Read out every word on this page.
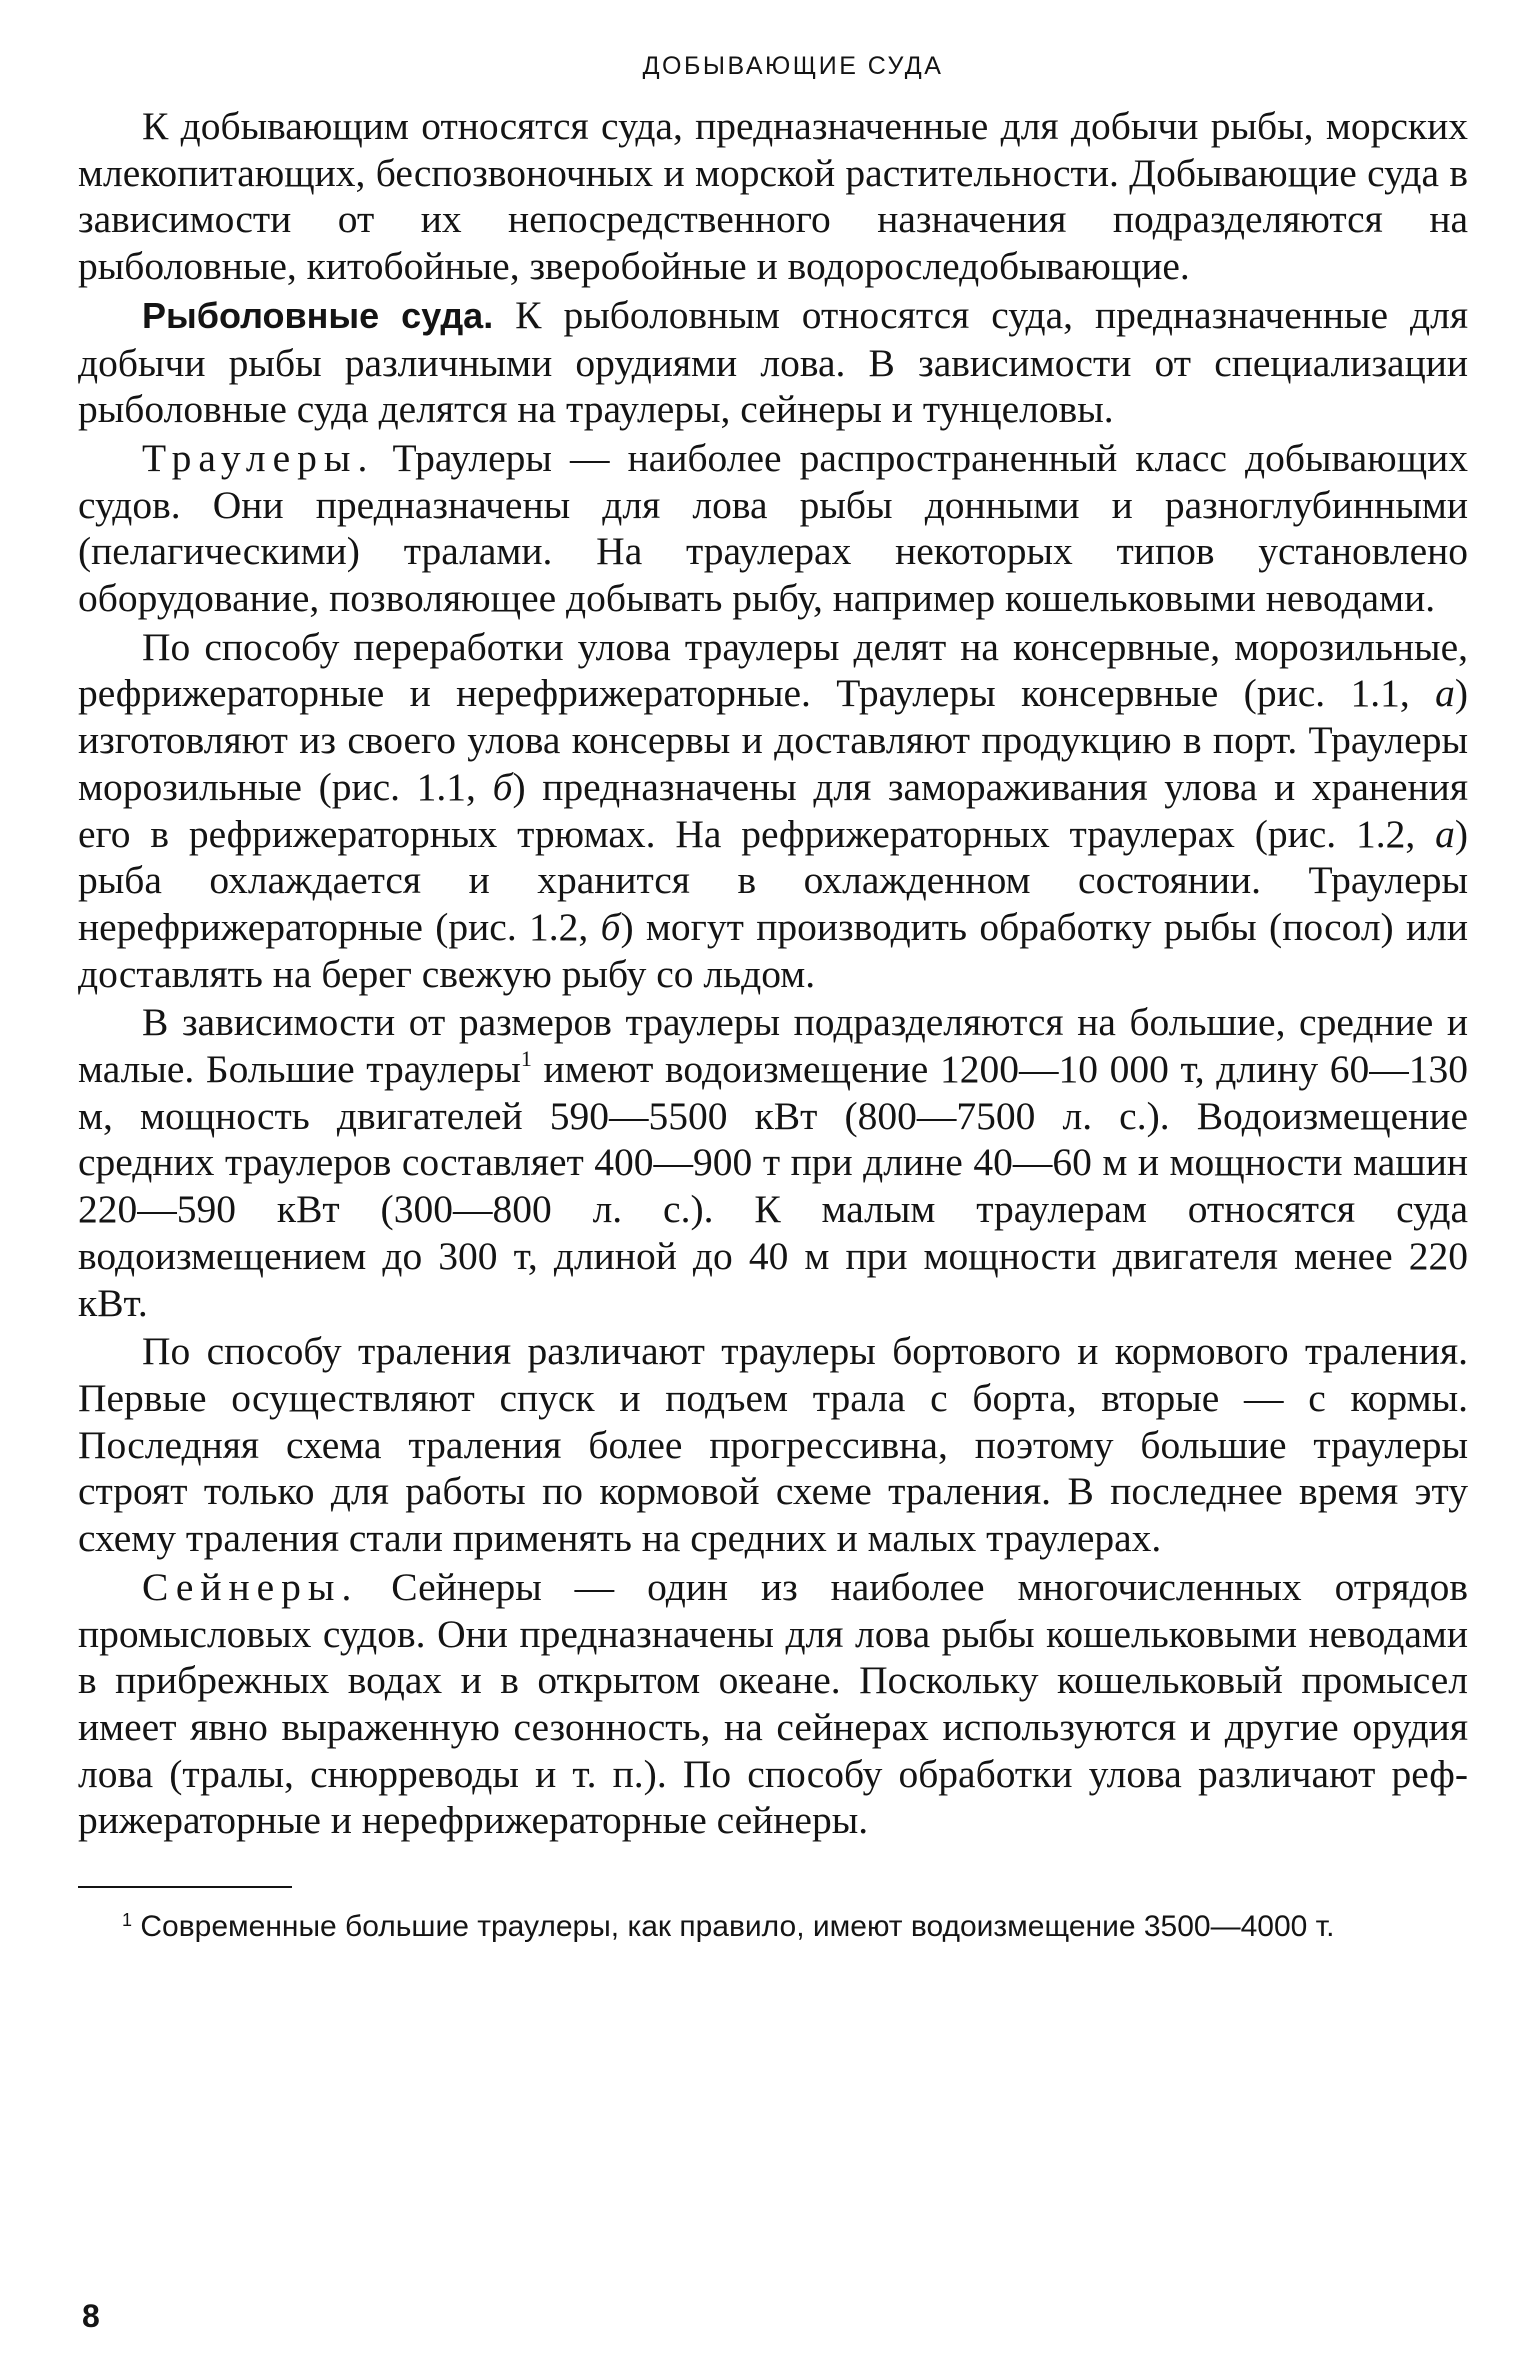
ДОБЫВАЮЩИЕ СУДА

К добывающим относятся суда, предназначенные для добычи рыбы, морских млекопитающих, беспозвоночных и морской растительности. Добывающие суда в зависимости от их непосредственного назначения подразделяются на рыболовные, китобойные, зверобойные и водороследобывающие.

Рыболовные суда. К рыболовным относятся суда, предназначенные для добычи рыбы различными орудиями лова. В зависимости от специализации рыболовные суда делятся на траулеры, сейнеры и тунцеловы.

Траулеры. Траулеры — наиболее распространенный класс добывающих судов. Они предназначены для лова рыбы донными и разноглубинными (пелагическими) тралами. На траулерах некоторых типов установлено оборудование, позволяющее добывать рыбу, например кошельковыми неводами.

По способу переработки улова траулеры делят на консервные, морозильные, рефрижераторные и нерефрижераторные. Траулеры консервные (рис. 1.1, а) изготовляют из своего улова консервы и доставляют продукцию в порт. Траулеры морозильные (рис. 1.1, б) предназначены для замораживания улова и хранения его в рефрижераторных трюмах. На рефрижераторных траулерах (рис. 1.2, а) рыба охлаждается и хранится в охлажденном состоянии. Траулеры нерефрижераторные (рис. 1.2, б) могут производить обработку рыбы (посол) или доставлять на берег свежую рыбу со льдом.

В зависимости от размеров траулеры подразделяются на большие, средние и малые. Большие траулеры$^1$ имеют водоизмещение 1200—10 000 т, длину 60—130 м, мощность двигателей 590—5500 кВт (800—7500 л. с.). Водоизмещение средних траулеров составляет 400—900 т при длине 40—60 м и мощности машин 220—590 кВт (300—800 л. с.). К малым траулерам относятся суда водоизмещением до 300 т, длиной до 40 м при мощности двигателя менее 220 кВт.

По способу траления различают траулеры бортового и кормового траления. Первые осуществляют спуск и подъем трала с борта, вторые — с кормы. Последняя схема траления более прогрессивна, поэтому большие траулеры строят только для работы по кормовой схеме траления. В последнее время эту схему траления стали применять на средних и малых траулерах.

Сейнеры. Сейнеры — один из наиболее многочисленных отрядов промысловых судов. Они предназначены для лова рыбы кошельковыми неводами в прибрежных водах и в открытом океане. Поскольку кошельковый промысел имеет явно выраженную сезонность, на сейнерах используются и другие орудия лова (тралы, снюрреводы и т. п.). По способу обработки улова различают рефрижераторные и нерефрижераторные сейнеры.

$^1$ Современные большие траулеры, как правило, имеют водоизмещение 3500—4000 т.

8
